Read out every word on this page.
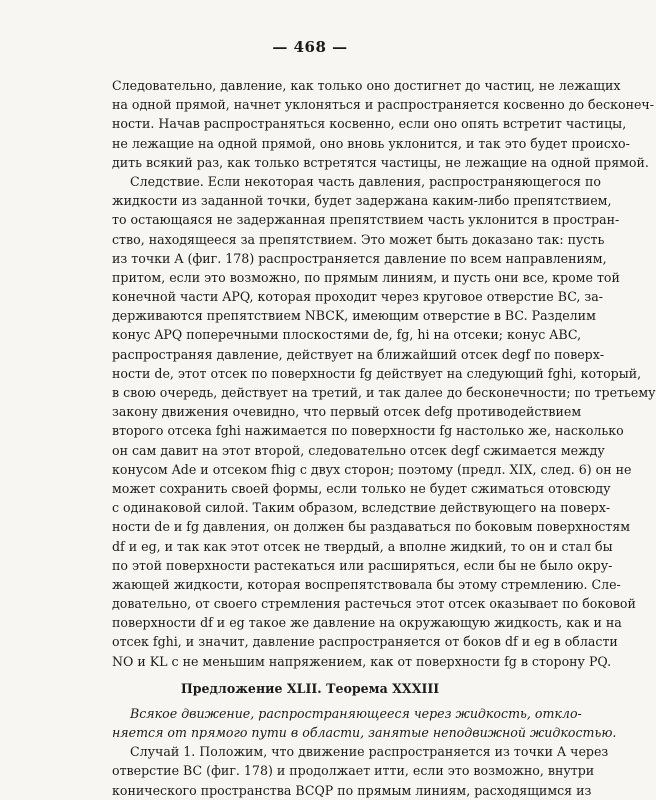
— 468 —
Следовательно, давление, как только оно достигнет до частиц, не лежащих
на одной прямой, начнет уклоняться и распространяется косвенно до бесконеч-
ности. Начав распространяться косвенно, если оно опять встретит частицы,
не лежащие на одной прямой, оно вновь уклонится, и так это будет происхо-
дить всякий раз, как только встретятся частицы, не лежащие на одной прямой.
Следствие. Если некоторая часть давления, распространяющегося по
жидкости из заданной точки, будет задержана каким-либо препятствием,
то остающаяся не задержанная препятствием часть уклонится в простран-
ство, находящееся за препятствием. Это может быть доказано так: пусть
из точки A (фиг. 178) распространяется давление по всем направлениям,
притом, если это возможно, по прямым линиям, и пусть они все, кроме той
конечной части APQ, которая проходит через круговое отверстие BC, за-
держиваются препятствием NBCK, имеющим отверстие в BC. Разделим
конус APQ поперечными плоскостями de, fg, hi на отсеки; конус ABC,
распространяя давление, действует на ближайший отсек degf по поверх-
ности de, этот отсек по поверхности fg действует на следующий fghi, который,
в свою очередь, действует на третий, и так далее до бесконечности; по третьему
закону движения очевидно, что первый отсек defg противодействием
второго отсека fghi нажимается по поверхности fg настолько же, насколько
он сам давит на этот второй, следовательно отсек degf сжимается между
конусом Ade и отсеком fhig с двух сторон; поэтому (предл. XIX, след. 6) он не
может сохранить своей формы, если только не будет сжиматься отовсюду
с одинаковой силой. Таким образом, вследствие действующего на поверх-
ности de и fg давления, он должен бы раздаваться по боковым поверхностям
df и eg, и так как этот отсек не твердый, а вполне жидкий, то он и стал бы
по этой поверхности растекаться или расширяться, если бы не было окру-
жающей жидкости, которая воспрепятствовала бы этому стремлению. Сле-
довательно, от своего стремления растечься этот отсек оказывает по боковой
поверхности df и eg такое же давление на окружающую жидкость, как и на
отсек fghi, и значит, давление распространяется от боков df и eg в области
NO и KL с не меньшим напряжением, как от поверхности fg в сторону PQ.
Предложение XLII. Теорема XXXIII
Всякое движение, распространяющееся через жидкость, откло-
няется от прямого пути в области, занятые неподвижной жидкостью.
Случай 1. Положим, что движение распространяется из точки A через
отверстие BC (фиг. 178) и продолжает итти, если это возможно, внутри
конического пространства BCQP по прямым линиям, расходящимся из
